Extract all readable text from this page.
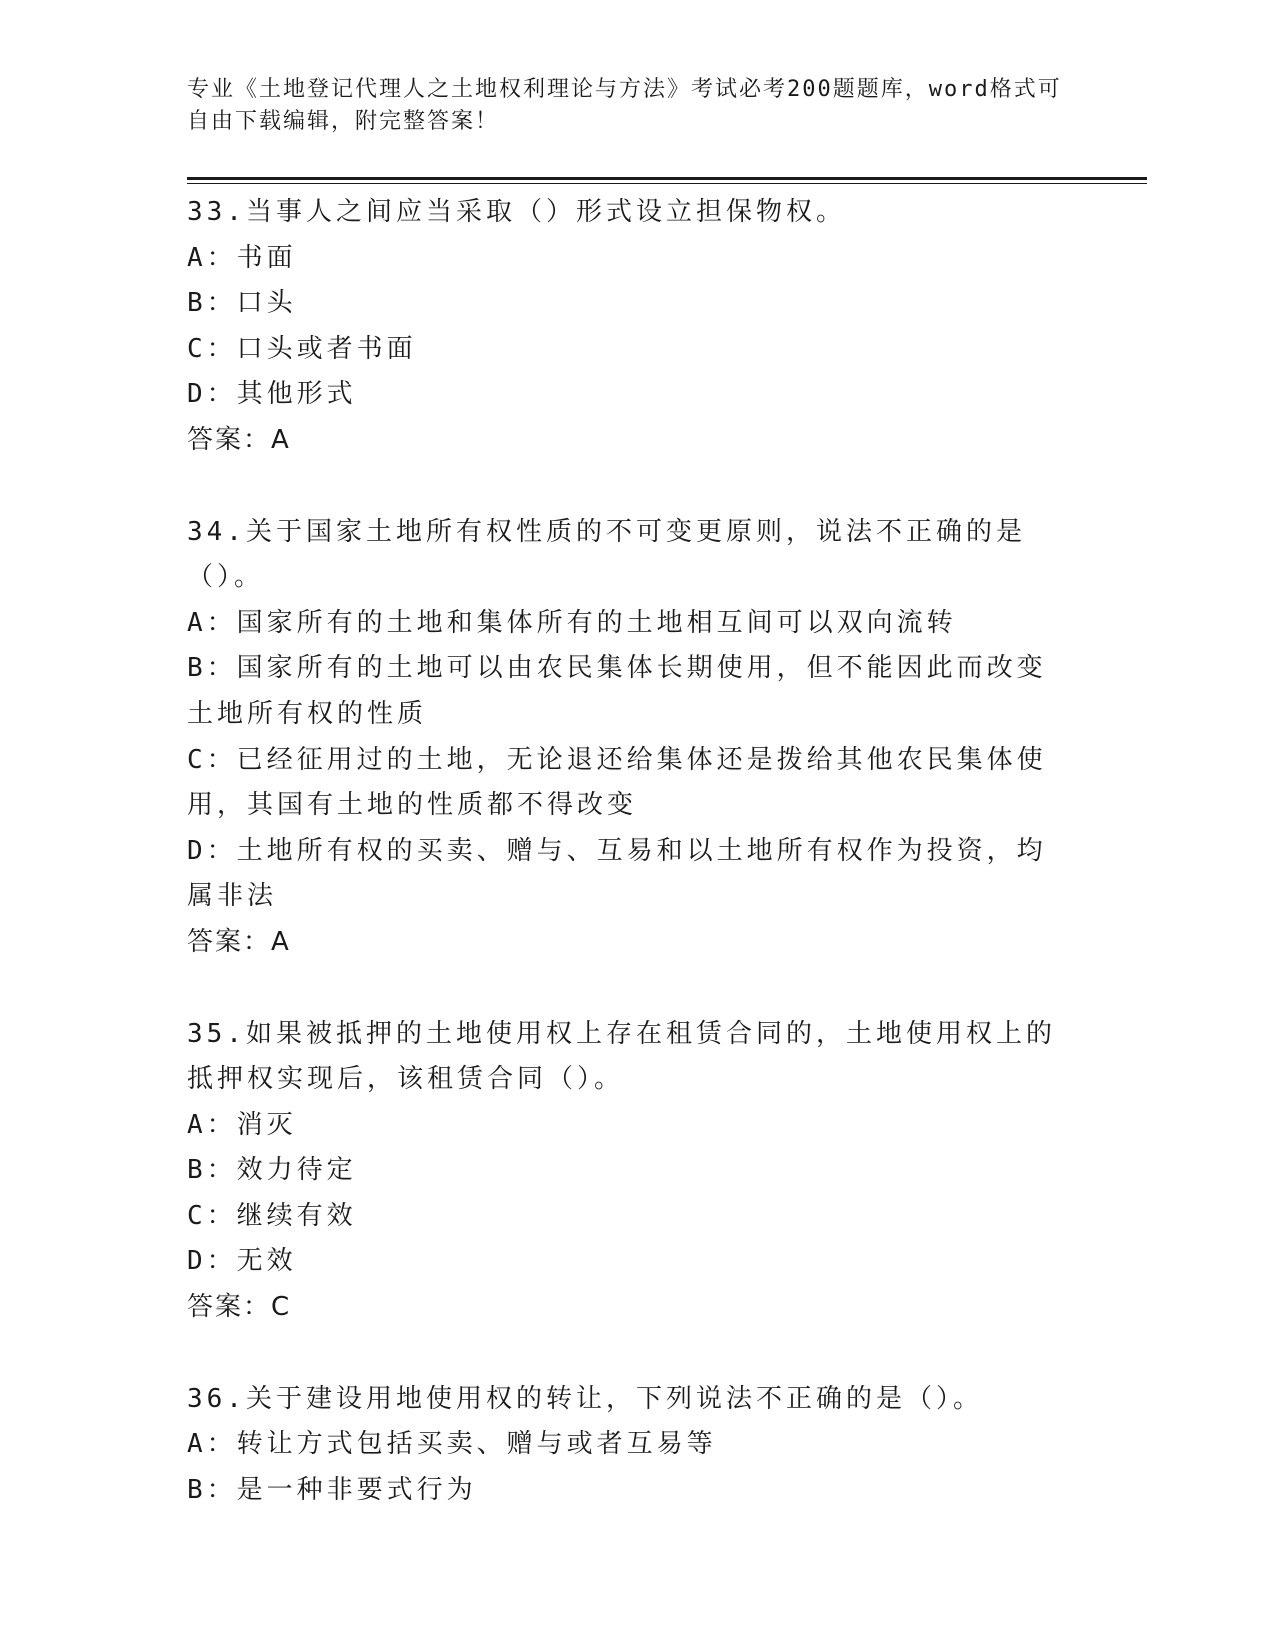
专业《土地登记代理人之土地权利理论与方法》考试必考200题题库，word格式可自由下载编辑，附完整答案！
33.当事人之间应当采取（）形式设立担保物权。
A：书面
B：口头
C：口头或者书面
D：其他形式
答案：A
34.关于国家土地所有权性质的不可变更原则，说法不正确的是（）。
A：国家所有的土地和集体所有的土地相互间可以双向流转
B：国家所有的土地可以由农民集体长期使用，但不能因此而改变土地所有权的性质
C：已经征用过的土地，无论退还给集体还是拨给其他农民集体使用，其国有土地的性质都不得改变
D：土地所有权的买卖、赠与、互易和以土地所有权作为投资，均属非法
答案：A
35.如果被抵押的土地使用权上存在租赁合同的，土地使用权上的抵押权实现后，该租赁合同（）。
A：消灭
B：效力待定
C：继续有效
D：无效
答案：C
36.关于建设用地使用权的转让，下列说法不正确的是（）。
A：转让方式包括买卖、赠与或者互易等
B：是一种非要式行为
